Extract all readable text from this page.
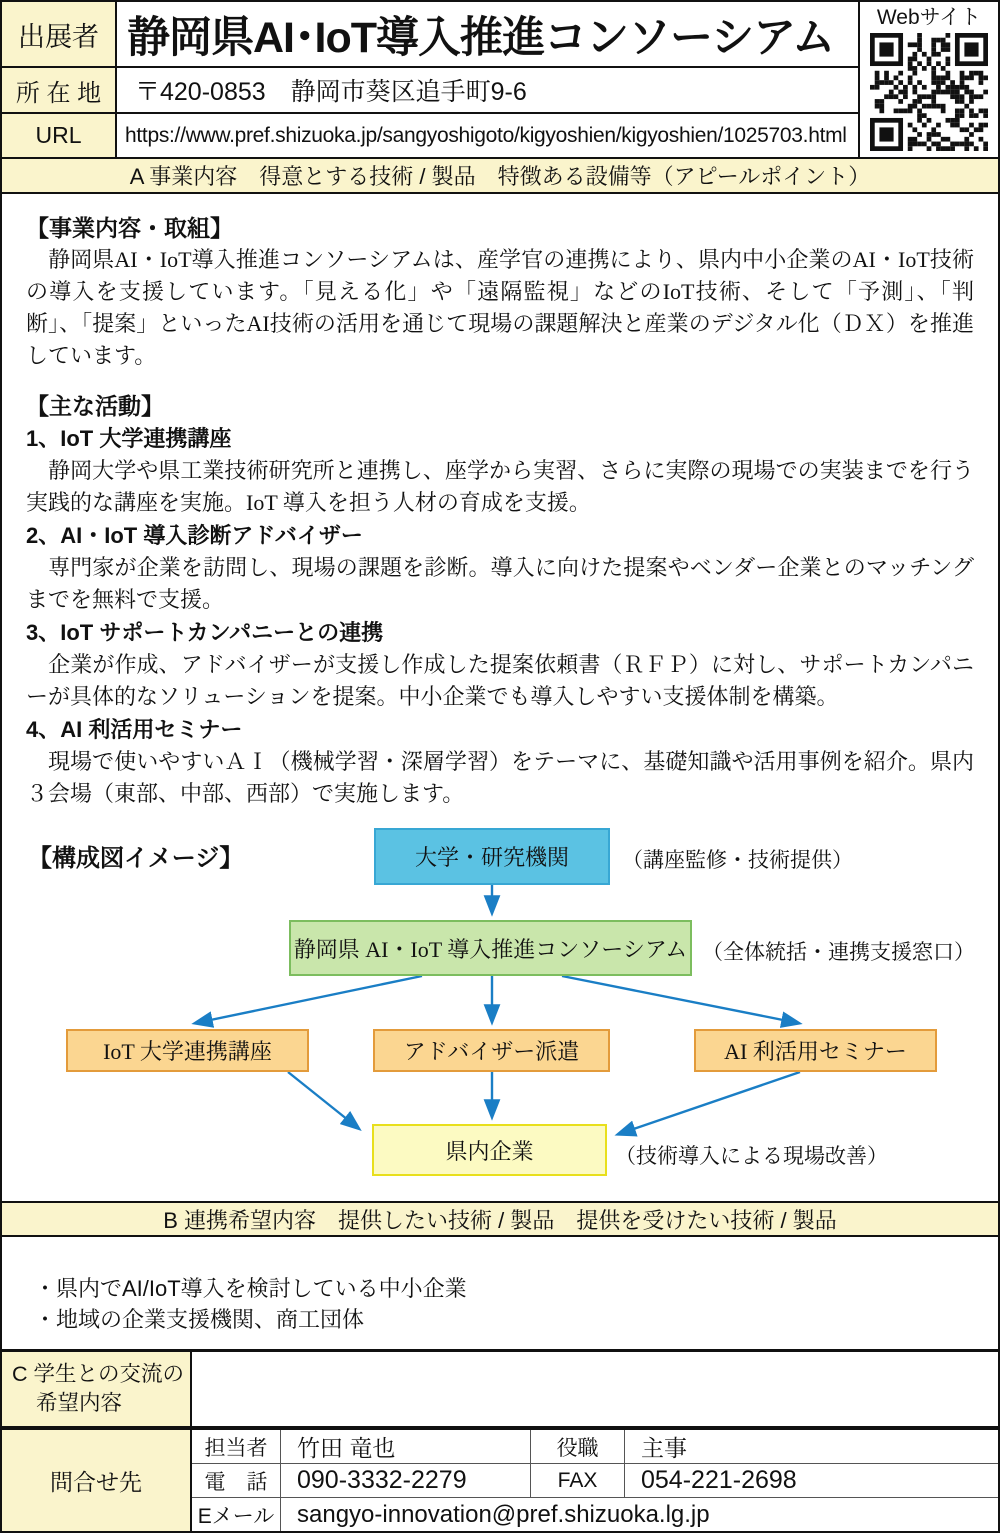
出展者 静岡県AI･IoT導入推進コンソーシアム	Webサイト
所 在 地	〒420-0853　静岡市葵区追手町9-6
URL	https://www.pref.shizuoka.jp/sangyoshigoto/kigyoshien/kigyoshien/1025703.html
A 事業内容　得意とする技術 / 製品　特徴ある設備等（アピールポイント）

【事業内容・取組】

　静岡県AI・IoT導入推進コンソーシアムは、産学官の連携により、県内中小企業のAI・IoT技術の導入を支援しています。「見える化」や「遠隔監視」などのIoT技術、そして「予測」、「判断」、「提案」といったAI技術の活用を通じて現場の課題解決と産業のデジタル化（ＤＸ）を推進しています。

【主な活動】

1、IoT 大学連携講座

　静岡大学や県工業技術研究所と連携し、座学から実習、さらに実際の現場での実装までを行う実践的な講座を実施。IoT 導入を担う人材の育成を支援。

2、AI・IoT 導入診断アドバイザー

　専門家が企業を訪問し、現場の課題を診断。導入に向けた提案やベンダー企業とのマッチングまでを無料で支援。

3、IoT サポートカンパニーとの連携

　企業が作成、アドバイザーが支援し作成した提案依頼書（ＲＦＰ）に対し、サポートカンパニーが具体的なソリューションを提案。中小企業でも導入しやすい支援体制を構築。

4、AI 利活用セミナー

　現場で使いやすいＡＩ（機械学習・深層学習）をテーマに、基礎知識や活用事例を紹介。県内３会場（東部、中部、西部）で実施します。

【構成図イメージ】	大学・研究機関	（講座監修・技術提供）
静岡県 AI・IoT 導入推進コンソーシアム （全体統括・連携支援窓口）
IoT 大学連携講座	アドバイザー派遣	AI 利活用セミナー
県内企業	（技術導入による現場改善）
B 連携希望内容　提供したい技術 / 製品　提供を受けたい技術 / 製品
・県内でAI/IoT導入を検討している中小企業
・地域の企業支援機関、商工団体
C 学生との交流の
希望内容
問合せ先
担当者	竹田 竜也	役職	主事
電　話	090-3332-2279	FAX	054-221-2698
Eメール sangyo-innovation@pref.shizuoka.lg.jp
